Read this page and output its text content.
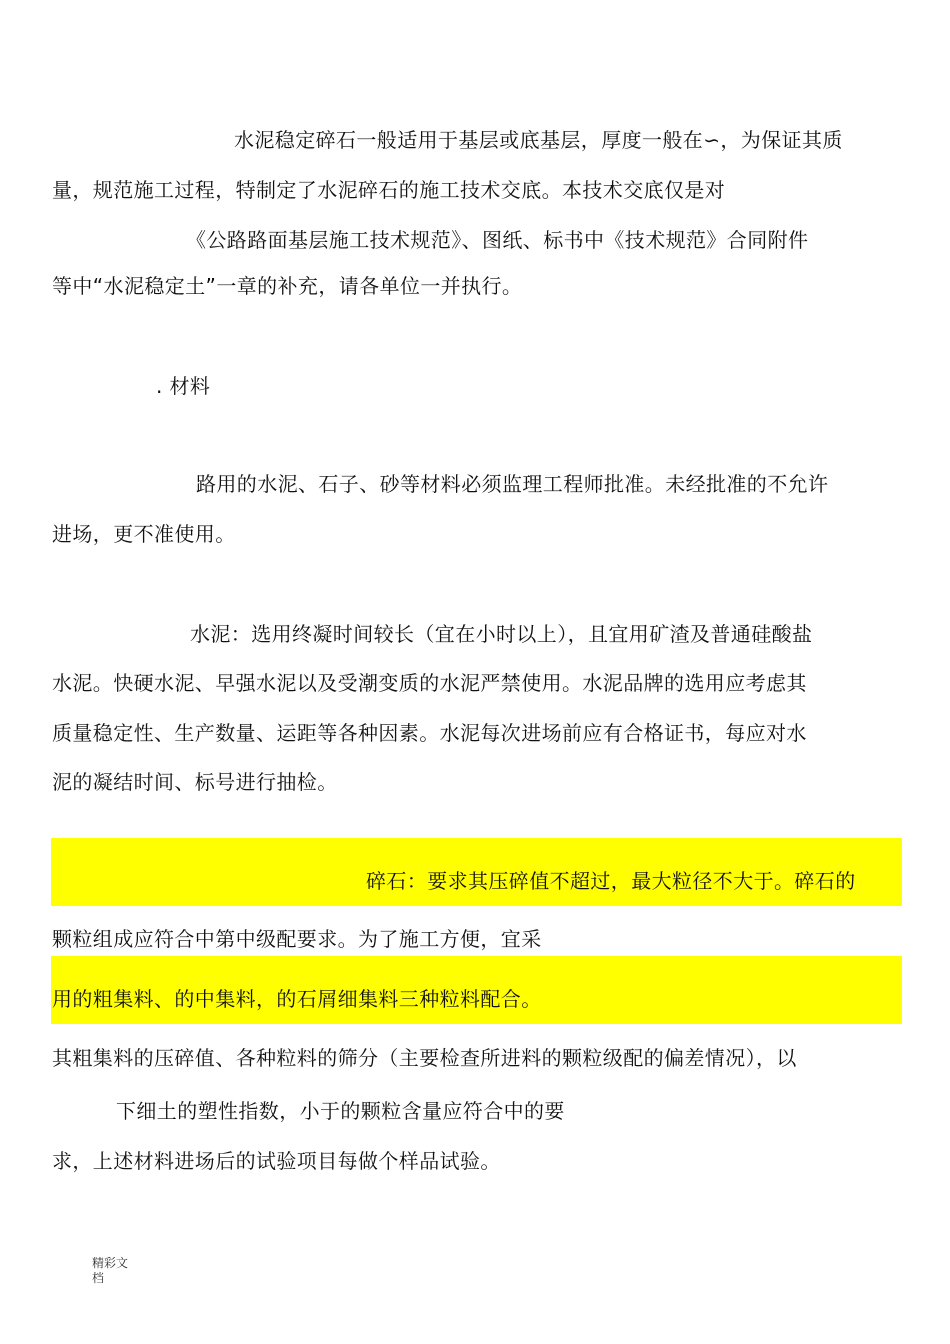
水泥稳定碎石一般适用于基层或底基层，厚度一般在∽，为保证其质
量，规范施工过程，特制定了水泥碎石的施工技术交底。本技术交底仅是对
《公路路面基层施工技术规范》、图纸、标书中《技术规范》合同附件
等中“水泥稳定土”一章的补充，请各单位一并执行。
. 材料
路用的水泥、石子、砂等材料必须监理工程师批准。未经批准的不允许
进场，更不准使用。
水泥：选用终凝时间较长（宜在小时以上），且宜用矿渣及普通硅酸盐
水泥。快硬水泥、早强水泥以及受潮变质的水泥严禁使用。水泥品牌的选用应考虑其
质量稳定性、生产数量、运距等各种因素。水泥每次进场前应有合格证书，每应对水
泥的凝结时间、标号进行抽检。
碎石：要求其压碎值不超过，最大粒径不大于。碎石的
颗粒组成应符合中第中级配要求。为了施工方便，宜采
用的粗集料、的中集料，的石屑细集料三种粒料配合。
其粗集料的压碎值、各种粒料的筛分（主要检查所进料的颗粒级配的偏差情况），以
下细土的塑性指数，小于的颗粒含量应符合中的要
求，上述材料进场后的试验项目每做个样品试验。
精彩文
档
